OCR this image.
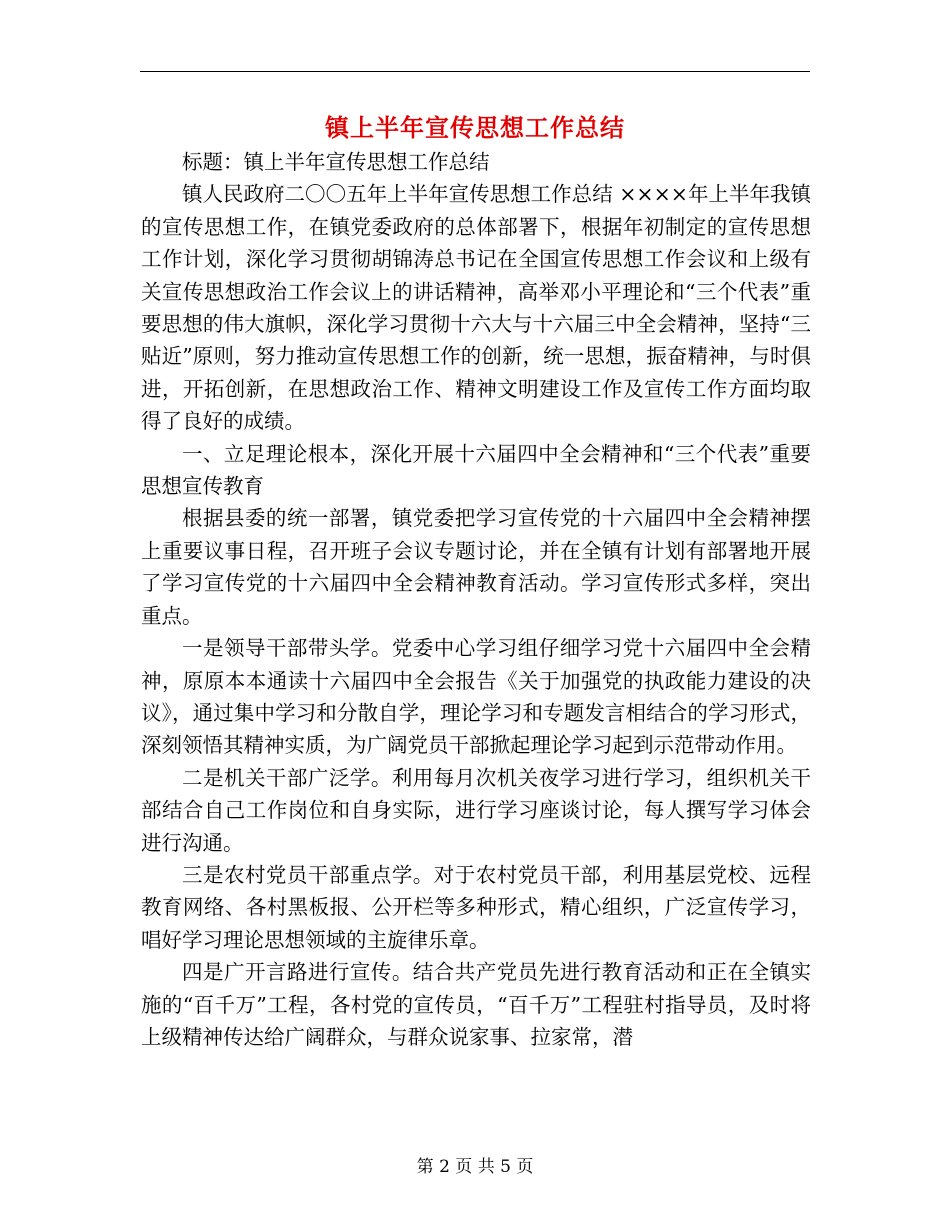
镇上半年宣传思想工作总结

标题：镇上半年宣传思想工作总结

镇人民政府二〇〇五年上半年宣传思想工作总结 ××××年上半年我镇的宣传思想工作，在镇党委政府的总体部署下，根据年初制定的宣传思想工作计划，深化学习贯彻胡锦涛总书记在全国宣传思想工作会议和上级有关宣传思想政治工作会议上的讲话精神，高举邓小平理论和“三个代表”重要思想的伟大旗帜，深化学习贯彻十六大与十六届三中全会精神，坚持“三贴近”原则，努力推动宣传思想工作的创新，统一思想，振奋精神，与时俱进，开拓创新，在思想政治工作、精神文明建设工作及宣传工作方面均取得了良好的成绩。

一、立足理论根本，深化开展十六届四中全会精神和“三个代表”重要思想宣传教育

根据县委的统一部署，镇党委把学习宣传党的十六届四中全会精神摆上重要议事日程，召开班子会议专题讨论，并在全镇有计划有部署地开展了学习宣传党的十六届四中全会精神教育活动。学习宣传形式多样，突出重点。

一是领导干部带头学。党委中心学习组仔细学习党十六届四中全会精神，原原本本通读十六届四中全会报告《关于加强党的执政能力建设的决议》，通过集中学习和分散自学，理论学习和专题发言相结合的学习形式，深刻领悟其精神实质，为广阔党员干部掀起理论学习起到示范带动作用。

二是机关干部广泛学。利用每月次机关夜学习进行学习，组织机关干部结合自己工作岗位和自身实际，进行学习座谈讨论，每人撰写学习体会进行沟通。

三是农村党员干部重点学。对于农村党员干部，利用基层党校、远程教育网络、各村黑板报、公开栏等多种形式，精心组织，广泛宣传学习，唱好学习理论思想领域的主旋律乐章。

四是广开言路进行宣传。结合共产党员先进行教育活动和正在全镇实施的“百千万”工程，各村党的宣传员，“百千万”工程驻村指导员，及时将上级精神传达给广阔群众，与群众说家事、拉家常，潜

第 2 页 共 5 页
